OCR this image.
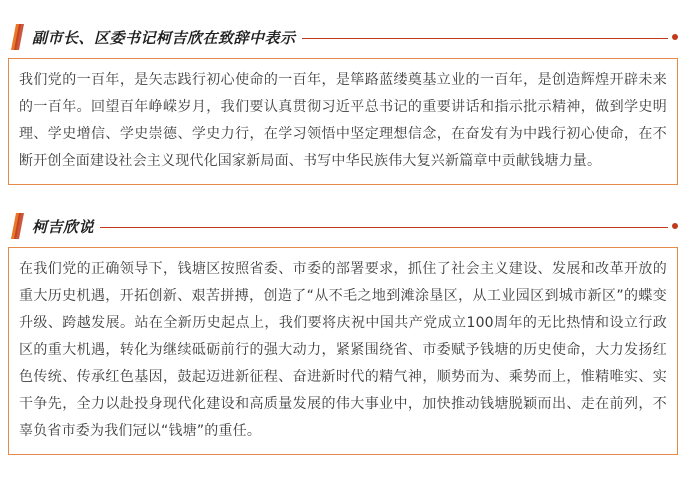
副市长、区委书记柯吉欣在致辞中表示

我们党的一百年，是矢志践行初心使命的一百年，是筚路蓝缕奠基立业的一百年，是创造辉煌开辟未来的一百年。回望百年峥嵘岁月，我们要认真贯彻习近平总书记的重要讲话和指示批示精神，做到学史明理、学史增信、学史崇德、学史力行，在学习领悟中坚定理想信念，在奋发有为中践行初心使命，在不断开创全面建设社会主义现代化国家新局面、书写中华民族伟大复兴新篇章中贡献钱塘力量。

柯吉欣说

在我们党的正确领导下，钱塘区按照省委、市委的部署要求，抓住了社会主义建设、发展和改革开放的重大历史机遇，开拓创新、艰苦拼搏，创造了“从不毛之地到滩涂垦区，从工业园区到城市新区”的蝶变升级、跨越发展。站在全新历史起点上，我们要将庆祝中国共产党成立100周年的无比热情和设立行政区的重大机遇，转化为继续砥砺前行的强大动力，紧紧围绕省、市委赋予钱塘的历史使命，大力发扬红色传统、传承红色基因，鼓起迈进新征程、奋进新时代的精气神，顺势而为、乘势而上，惟精唯实、实干争先，全力以赴投身现代化建设和高质量发展的伟大事业中，加快推动钱塘脱颖而出、走在前列，不辜负省市委为我们冠以“钱塘”的重任。
